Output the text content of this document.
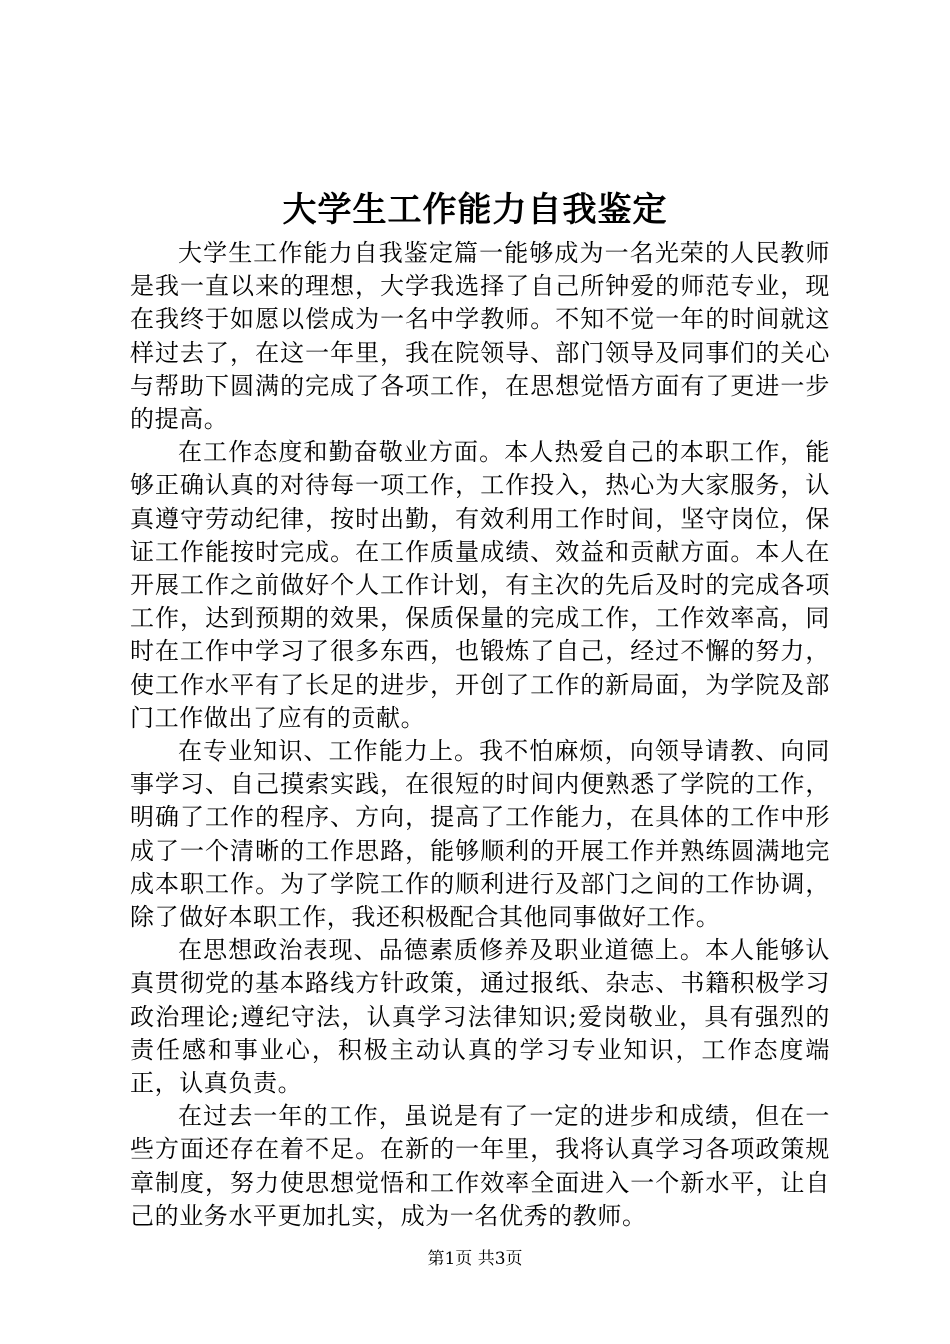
大学生工作能力自我鉴定

大学生工作能力自我鉴定篇一能够成为一名光荣的人民教师是我一直以来的理想，大学我选择了自己所钟爱的师范专业，现在我终于如愿以偿成为一名中学教师。不知不觉一年的时间就这样过去了，在这一年里，我在院领导、部门领导及同事们的关心与帮助下圆满的完成了各项工作，在思想觉悟方面有了更进一步的提高。

在工作态度和勤奋敬业方面。本人热爱自己的本职工作，能够正确认真的对待每一项工作，工作投入，热心为大家服务，认真遵守劳动纪律，按时出勤，有效利用工作时间，坚守岗位，保证工作能按时完成。在工作质量成绩、效益和贡献方面。本人在开展工作之前做好个人工作计划，有主次的先后及时的完成各项工作，达到预期的效果，保质保量的完成工作，工作效率高，同时在工作中学习了很多东西，也锻炼了自己，经过不懈的努力，使工作水平有了长足的进步，开创了工作的新局面，为学院及部门工作做出了应有的贡献。

在专业知识、工作能力上。我不怕麻烦，向领导请教、向同事学习、自己摸索实践，在很短的时间内便熟悉了学院的工作，明确了工作的程序、方向，提高了工作能力，在具体的工作中形成了一个清晰的工作思路，能够顺利的开展工作并熟练圆满地完成本职工作。为了学院工作的顺利进行及部门之间的工作协调，除了做好本职工作，我还积极配合其他同事做好工作。

在思想政治表现、品德素质修养及职业道德上。本人能够认真贯彻党的基本路线方针政策，通过报纸、杂志、书籍积极学习政治理论;遵纪守法，认真学习法律知识;爱岗敬业，具有强烈的责任感和事业心，积极主动认真的学习专业知识，工作态度端正，认真负责。

在过去一年的工作，虽说是有了一定的进步和成绩，但在一些方面还存在着不足。在新的一年里，我将认真学习各项政策规章制度，努力使思想觉悟和工作效率全面进入一个新水平，让自己的业务水平更加扎实，成为一名优秀的教师。

第1页 共3页
